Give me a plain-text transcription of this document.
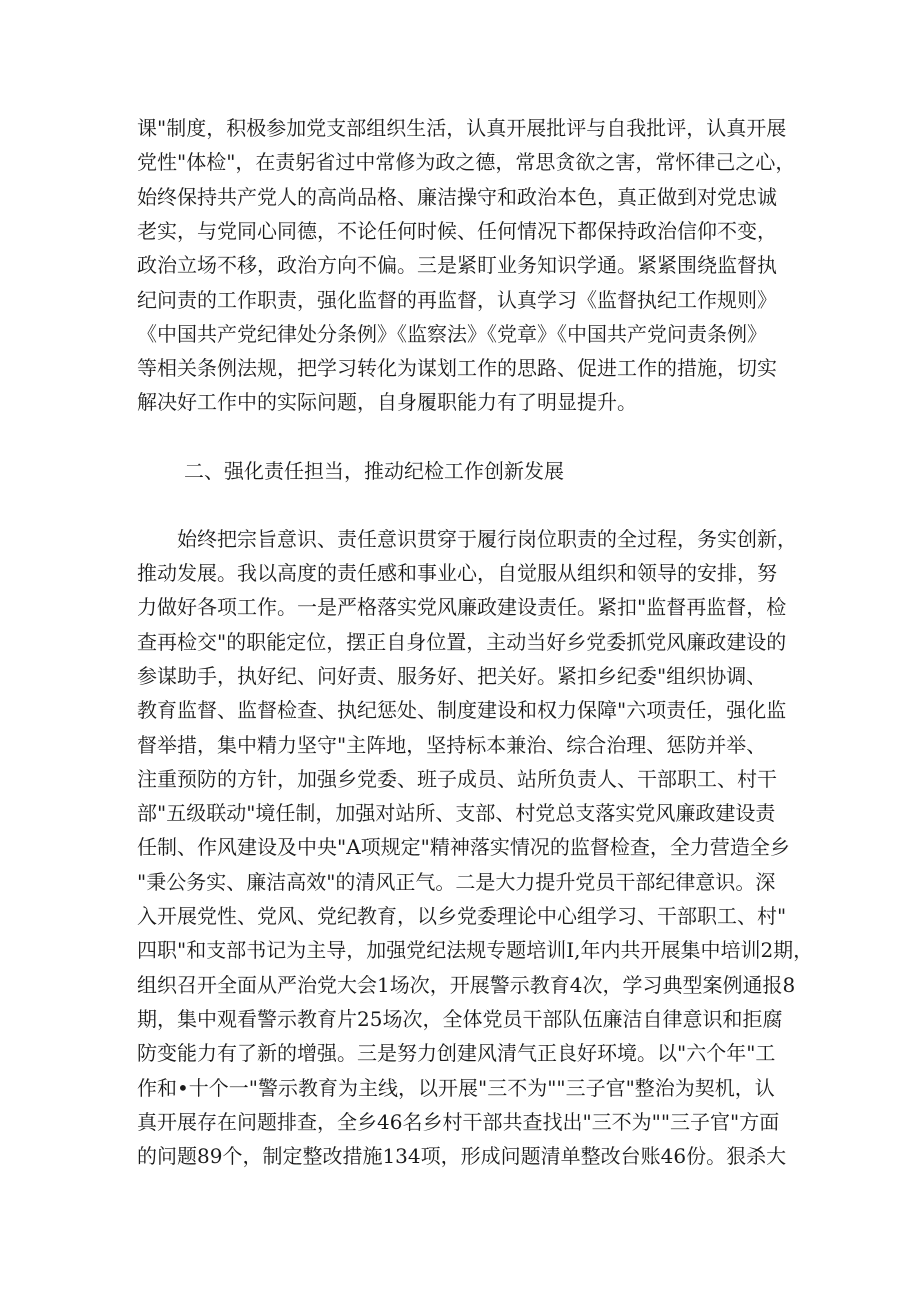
课"制度，积极参加党支部组织生活，认真开展批评与自我批评，认真开展
党性"体检"，在责躬省过中常修为政之德，常思贪欲之害，常怀律己之心，
始终保持共产党人的高尚品格、廉洁操守和政治本色，真正做到对党忠诚
老实，与党同心同德，不论任何时候、任何情况下都保持政治信仰不变，
政治立场不移，政治方向不偏。三是紧盯业务知识学通。紧紧围绕监督执
纪问责的工作职责，强化监督的再监督，认真学习《监督执纪工作规则》
《中国共产党纪律处分条例》《监察法》《党章》《中国共产党问责条例》
等相关条例法规，把学习转化为谋划工作的思路、促进工作的措施，切实
解决好工作中的实际问题，自身履职能力有了明显提升。
二、强化责任担当，推动纪检工作创新发展
始终把宗旨意识、责任意识贯穿于履行岗位职责的全过程，务实创新，
推动发展。我以高度的责任感和事业心，自觉服从组织和领导的安排，努
力做好各项工作。一是严格落实党风廉政建设责任。紧扣"监督再监督，检
查再检交"的职能定位，摆正自身位置，主动当好乡党委抓党风廉政建设的
参谋助手，执好纪、问好责、服务好、把关好。紧扣乡纪委"组织协调、
教育监督、监督检查、执纪惩处、制度建设和权力保障"六项责任，强化监
督举措，集中精力坚守"主阵地，坚持标本兼治、综合治理、惩防并举、
注重预防的方针，加强乡党委、班子成员、站所负责人、干部职工、村干
部"五级联动"境任制，加强对站所、支部、村党总支落实党风廉政建设责
任制、作风建设及中央"A项规定"精神落实情况的监督检查，全力营造全乡
"秉公务实、廉洁高效"的清风正气。二是大力提升党员干部纪律意识。深
入开展党性、党风、党纪教育，以乡党委理论中心组学习、干部职工、村"
四职"和支部书记为主导，加强党纪法规专题培训I,年内共开展集中培训2期，
组织召开全面从严治党大会1场次，开展警示教育4次，学习典型案例通报8
期，集中观看警示教育片25场次，全体党员干部队伍廉洁自律意识和拒腐
防变能力有了新的增强。三是努力创建风清气正良好环境。以"六个年"工
作和•十个一"警示教育为主线，以开展"三不为""三子官"整治为契机，认
真开展存在问题排查，全乡46名乡村干部共查找出"三不为""三子官"方面
的问题89个，制定整改措施134项，形成问题清单整改台账46份。狠杀大
